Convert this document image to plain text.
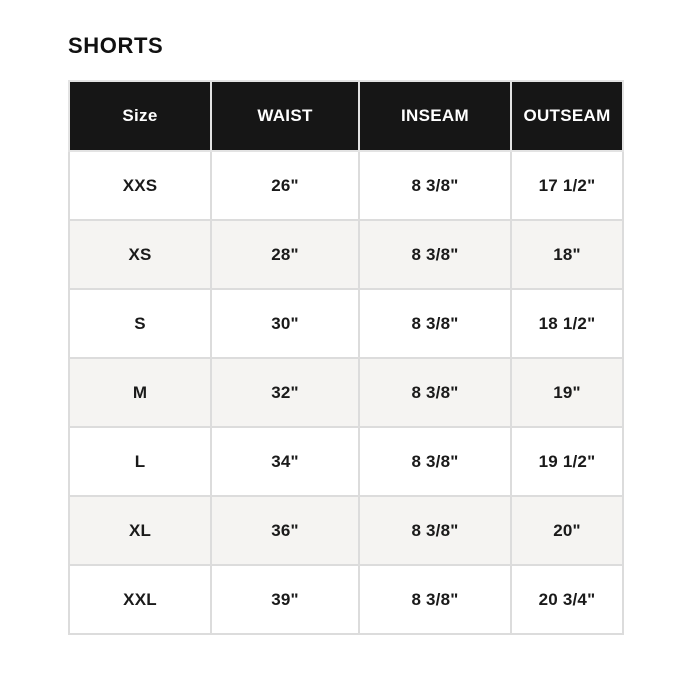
SHORTS
Size	WAIST	INSEAM	OUTSEAM
XXS	26"	8 3/8"	17 1/2"
XS	28"	8 3/8"	18"
S	30"	8 3/8"	18 1/2"
M	32"	8 3/8"	19"
L	34"	8 3/8"	19 1/2"
XL	36"	8 3/8"	20"
XXL	39"	8 3/8"	20 3/4"
